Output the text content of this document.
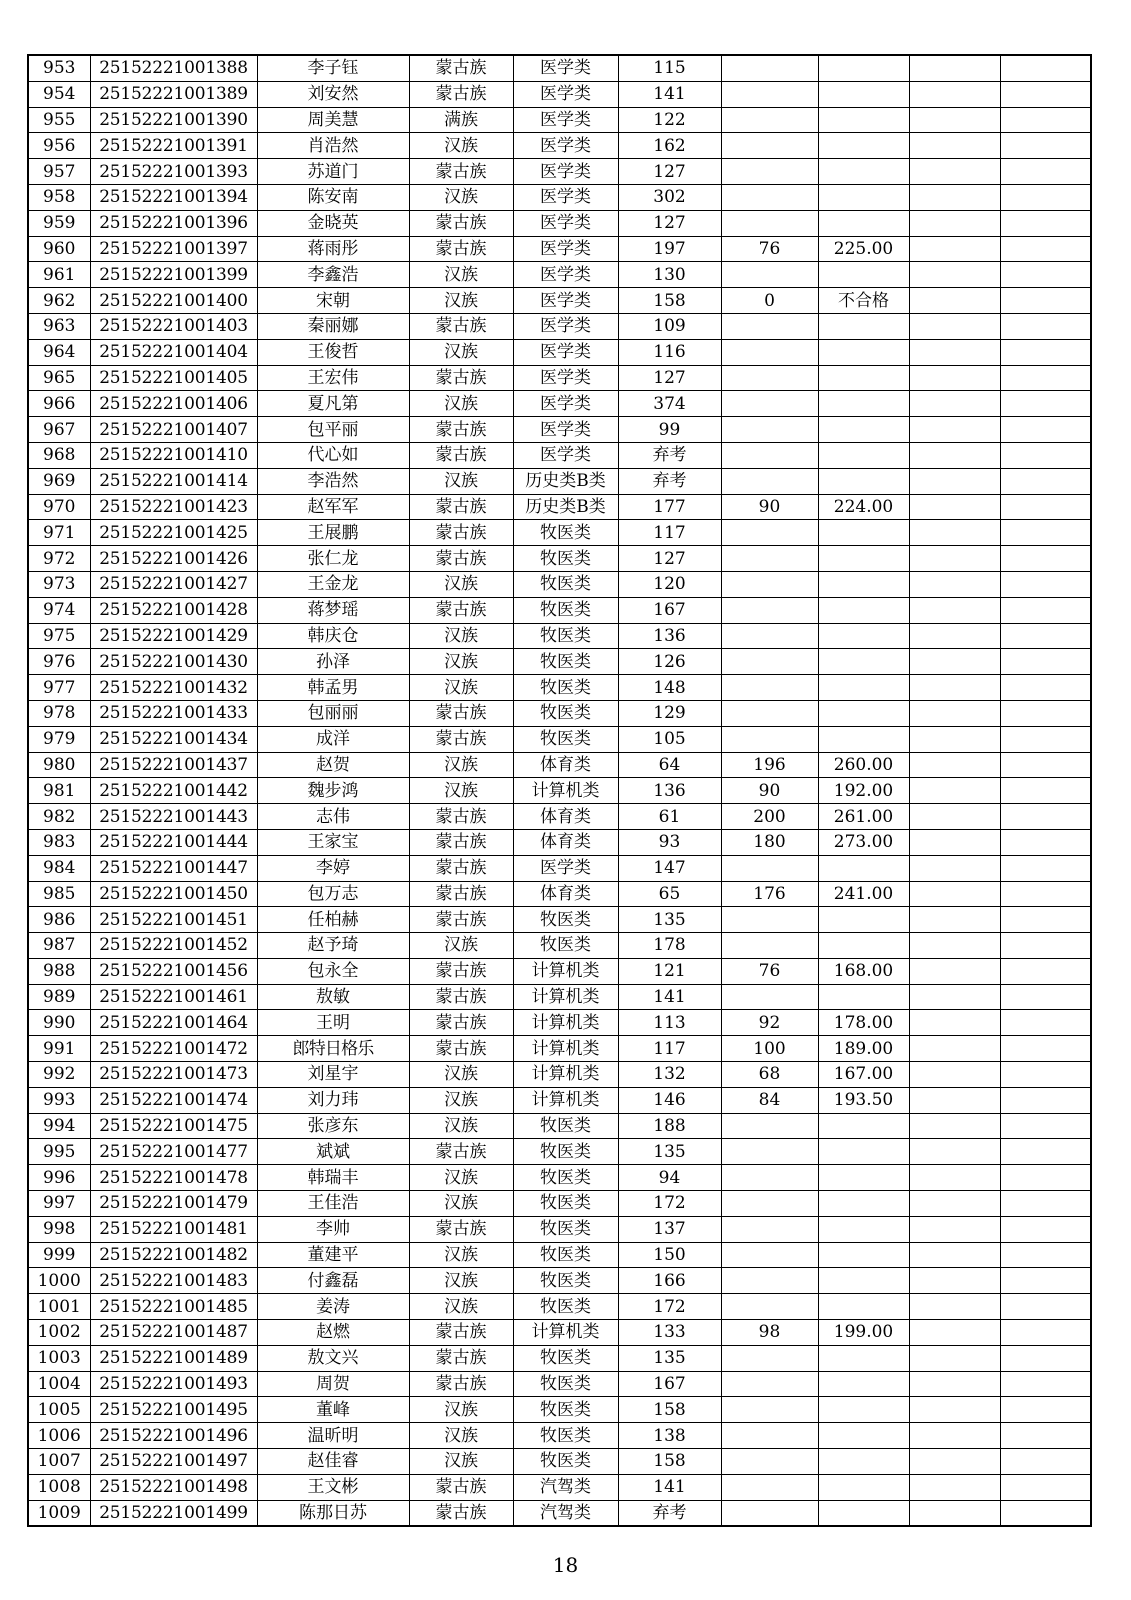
953	25152221001388	李子钰	蒙古族	医学类	115				
954	25152221001389	刘安然	蒙古族	医学类	141				
955	25152221001390	周美慧	满族	医学类	122				
956	25152221001391	肖浩然	汉族	医学类	162				
957	25152221001393	苏道门	蒙古族	医学类	127				
958	25152221001394	陈安南	汉族	医学类	302				
959	25152221001396	金晓英	蒙古族	医学类	127				
960	25152221001397	蒋雨彤	蒙古族	医学类	197	76	225.00		
961	25152221001399	李鑫浩	汉族	医学类	130				
962	25152221001400	宋朝	汉族	医学类	158	0	不合格		
963	25152221001403	秦丽娜	蒙古族	医学类	109				
964	25152221001404	王俊哲	汉族	医学类	116				
965	25152221001405	王宏伟	蒙古族	医学类	127				
966	25152221001406	夏凡第	汉族	医学类	374				
967	25152221001407	包平丽	蒙古族	医学类	99				
968	25152221001410	代心如	蒙古族	医学类	弃考				
969	25152221001414	李浩然	汉族	历史类B类	弃考				
970	25152221001423	赵军军	蒙古族	历史类B类	177	90	224.00		
971	25152221001425	王展鹏	蒙古族	牧医类	117				
972	25152221001426	张仁龙	蒙古族	牧医类	127				
973	25152221001427	王金龙	汉族	牧医类	120				
974	25152221001428	蒋梦瑶	蒙古族	牧医类	167				
975	25152221001429	韩庆仓	汉族	牧医类	136				
976	25152221001430	孙泽	汉族	牧医类	126				
977	25152221001432	韩孟男	汉族	牧医类	148				
978	25152221001433	包丽丽	蒙古族	牧医类	129				
979	25152221001434	成洋	蒙古族	牧医类	105				
980	25152221001437	赵贺	汉族	体育类	64	196	260.00		
981	25152221001442	魏步鸿	汉族	计算机类	136	90	192.00		
982	25152221001443	志伟	蒙古族	体育类	61	200	261.00		
983	25152221001444	王家宝	蒙古族	体育类	93	180	273.00		
984	25152221001447	李婷	蒙古族	医学类	147				
985	25152221001450	包万志	蒙古族	体育类	65	176	241.00		
986	25152221001451	任柏赫	蒙古族	牧医类	135				
987	25152221001452	赵予琦	汉族	牧医类	178				
988	25152221001456	包永全	蒙古族	计算机类	121	76	168.00		
989	25152221001461	敖敏	蒙古族	计算机类	141				
990	25152221001464	王明	蒙古族	计算机类	113	92	178.00		
991	25152221001472	郎特日格乐	蒙古族	计算机类	117	100	189.00		
992	25152221001473	刘星宇	汉族	计算机类	132	68	167.00		
993	25152221001474	刘力玮	汉族	计算机类	146	84	193.50		
994	25152221001475	张彦东	汉族	牧医类	188				
995	25152221001477	斌斌	蒙古族	牧医类	135				
996	25152221001478	韩瑞丰	汉族	牧医类	94				
997	25152221001479	王佳浩	汉族	牧医类	172				
998	25152221001481	李帅	蒙古族	牧医类	137				
999	25152221001482	董建平	汉族	牧医类	150				
1000	25152221001483	付鑫磊	汉族	牧医类	166				
1001	25152221001485	姜涛	汉族	牧医类	172				
1002	25152221001487	赵燃	蒙古族	计算机类	133	98	199.00		
1003	25152221001489	敖文兴	蒙古族	牧医类	135				
1004	25152221001493	周贺	蒙古族	牧医类	167				
1005	25152221001495	董峰	汉族	牧医类	158				
1006	25152221001496	温昕明	汉族	牧医类	138				
1007	25152221001497	赵佳睿	汉族	牧医类	158				
1008	25152221001498	王文彬	蒙古族	汽驾类	141				
1009	25152221001499	陈那日苏	蒙古族	汽驾类	弃考				
18
